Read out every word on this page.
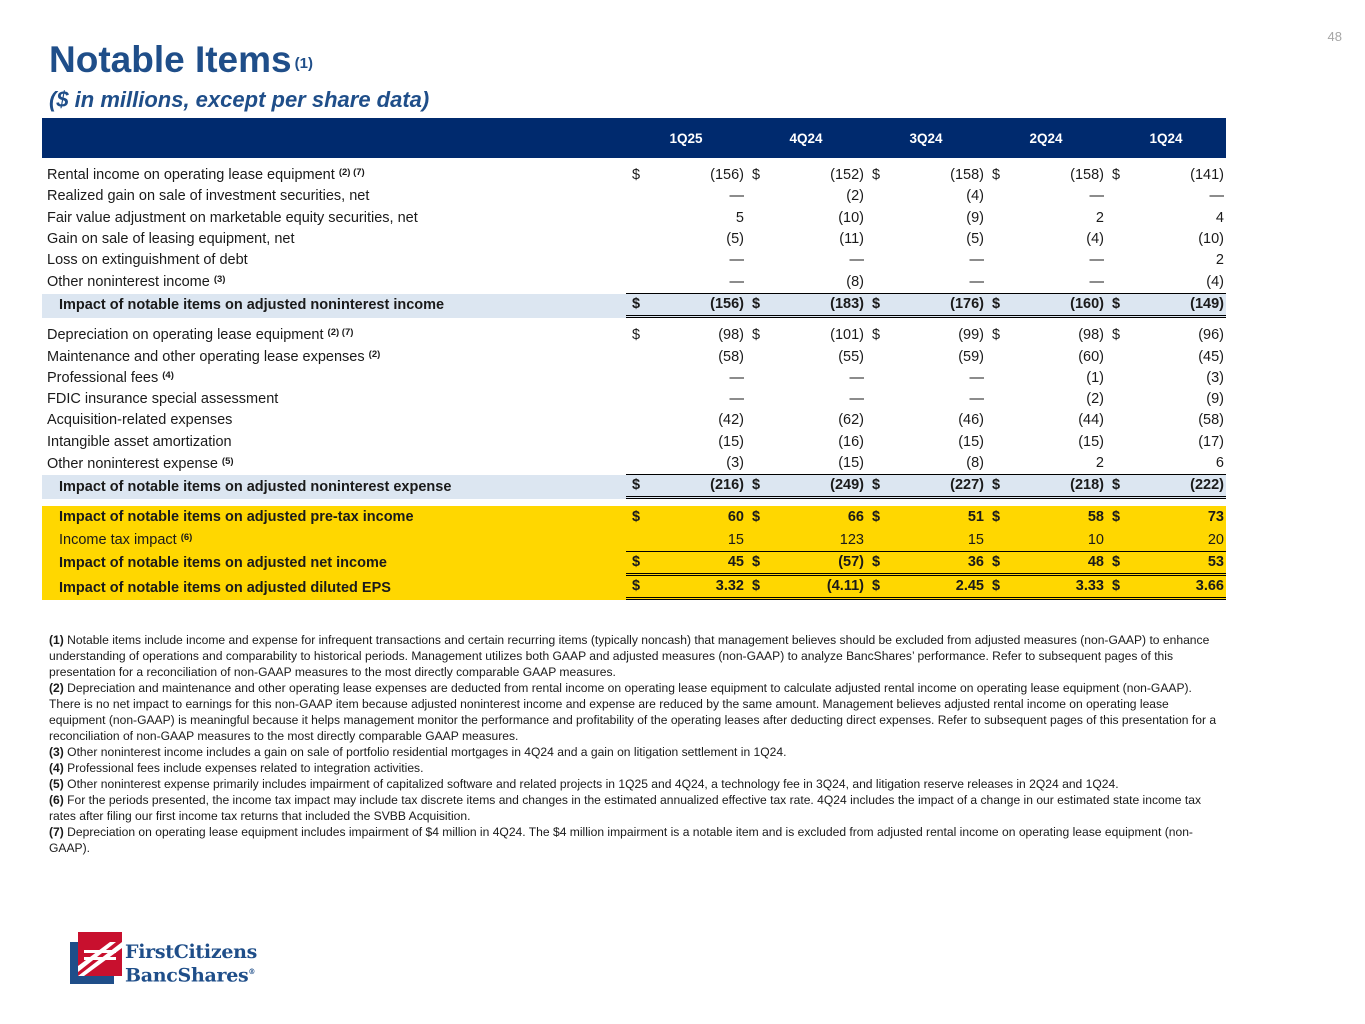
48
Notable Items $^{(1)}$
($ in millions, except per share data)
	1Q25		4Q24		3Q24		2Q24		1Q24	

Rental income on operating lease equipment $^{(2) (7)}$	$	(156)	$	(152)	$	(158)	$	(158)	$	(141)
Realized gain on sale of investment securities, net		—		(2)		(4)		—		—
Fair value adjustment on marketable equity securities, net		5		(10)		(9)		2		4
Gain on sale of leasing equipment, net		(5)		(11)		(5)		(4)		(10)
Loss on extinguishment of debt		—		—		—		—		2
Other noninterest income $^{(3)}$		—		(8)		—		—		(4)
Impact of notable items on adjusted noninterest income	$	(156)	$	(183)	$	(176)	$	(160)	$	(149)

Depreciation on operating lease equipment $^{(2) (7)}$	$	(98)	$	(101)	$	(99)	$	(98)	$	(96)
Maintenance and other operating lease expenses $^{(2)}$		(58)		(55)		(59)		(60)		(45)
Professional fees $^{(4)}$		—		—		—		(1)		(3)
FDIC insurance special assessment		—		—		—		(2)		(9)
Acquisition-related expenses		(42)		(62)		(46)		(44)		(58)
Intangible asset amortization		(15)		(16)		(15)		(15)		(17)
Other noninterest expense $^{(5)}$		(3)		(15)		(8)		2		6
Impact of notable items on adjusted noninterest expense	$	(216)	$	(249)	$	(227)	$	(218)	$	(222)

Impact of notable items on adjusted pre-tax income	$	60	$	66	$	51	$	58	$	73
Income tax impact $^{(6)}$		15		123		15		10		20
Impact of notable items on adjusted net income	$	45	$	(57)	$	36	$	48	$	53
Impact of notable items on adjusted diluted EPS	$	3.32	$	(4.11)	$	2.45	$	3.33	$	3.66

(1) Notable items include income and expense for infrequent transactions and certain recurring items (typically noncash) that management believes should be excluded from adjusted measures (non-GAAP) to enhance understanding of operations and comparability to historical periods. Management utilizes both GAAP and adjusted measures (non-GAAP) to analyze BancShares’ performance. Refer to subsequent pages of this presentation for a reconciliation of non-GAAP measures to the most directly comparable GAAP measures.

(2) Depreciation and maintenance and other operating lease expenses are deducted from rental income on operating lease equipment to calculate adjusted rental income on operating lease equipment (non-GAAP). There is no net impact to earnings for this non-GAAP item because adjusted noninterest income and expense are reduced by the same amount. Management believes adjusted rental income on operating lease equipment (non-GAAP) is meaningful because it helps management monitor the performance and profitability of the operating leases after deducting direct expenses. Refer to subsequent pages of this presentation for a reconciliation of non-GAAP measures to the most directly comparable GAAP measures.

(3) Other noninterest income includes a gain on sale of portfolio residential mortgages in 4Q24 and a gain on litigation settlement in 1Q24.

(4) Professional fees include expenses related to integration activities.

(5) Other noninterest expense primarily includes impairment of capitalized software and related projects in 1Q25 and 4Q24, a technology fee in 3Q24, and litigation reserve releases in 2Q24 and 1Q24.

(6) For the periods presented, the income tax impact may include tax discrete items and changes in the estimated annualized effective tax rate. 4Q24 includes the impact of a change in our estimated state income tax rates after filing our first income tax returns that included the SVBB Acquisition.

(7) Depreciation on operating lease equipment includes impairment of $4 million in 4Q24. The $4 million impairment is a notable item and is excluded from adjusted rental income on operating lease equipment (non-GAAP).

FirstCitizens
BancShares®
